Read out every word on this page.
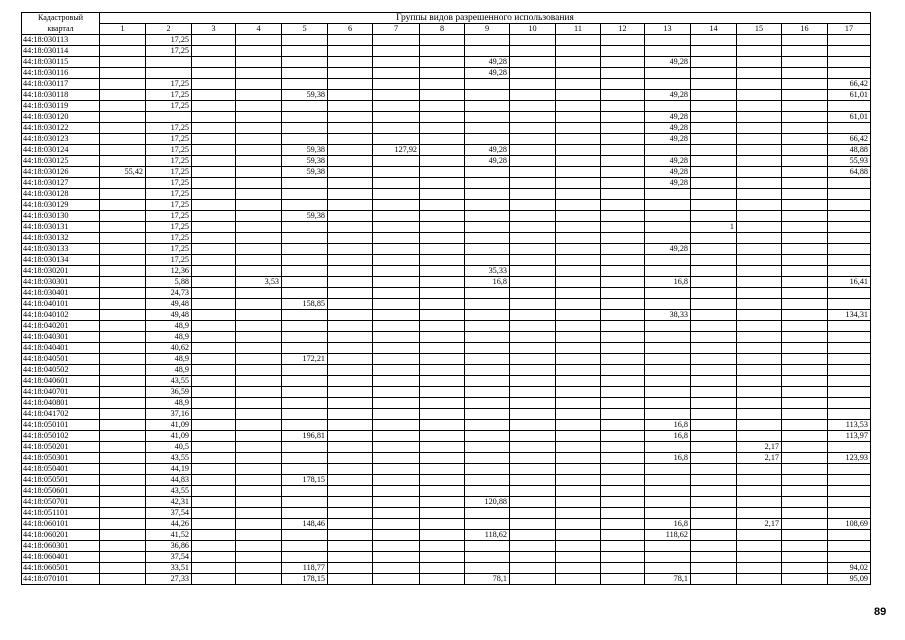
Кадастровый	Группы видов разрешенного использования																
квартал	1	2	3	4	5	6	7	8	9	10	11	12	13	14	15	16	17
44:18:030113		17,25															
44:18:030114		17,25															
44:18:030115									49,28				49,28				
44:18:030116									49,28								
44:18:030117		17,25															66,42
44:18:030118		17,25			59,38								49,28				61,01
44:18:030119		17,25															
44:18:030120													49,28				61,01
44:18:030122		17,25											49,28				
44:18:030123		17,25											49,28				66,42
44:18:030124		17,25			59,38		127,92		49,28								48,88
44:18:030125		17,25			59,38				49,28				49,28				55,93
44:18:030126	55,42	17,25			59,38								49,28				64,88
44:18:030127		17,25											49,28				
44:18:030128		17,25															
44:18:030129		17,25															
44:18:030130		17,25			59,38												
44:18:030131		17,25												1			
44:18:030132		17,25															
44:18:030133		17,25											49,28				
44:18:030134		17,25															
44:18:030201		12,36							35,33								
44:18:030301		5,88		3,53					16,8				16,8				16,41
44:18:030401		24,73															
44:18:040101		49,48			158,85												
44:18:040102		49,48											38,33				134,31
44:18:040201		48,9															
44:18:040301		48,9															
44:18:040401		40,62															
44:18:040501		48,9			172,21												
44:18:040502		48,9															
44:18:040601		43,55															
44:18:040701		36,59															
44:18:040801		48,9															
44:18:041702		37,16															
44:18:050101		41,09											16,8				113,53
44:18:050102		41,09			196,81								16,8				113,97
44:18:050201		40,5													2,17		
44:18:050301		43,55											16,8		2,17		123,93
44:18:050401		44,19															
44:18:050501		44,83			178,15												
44:18:050601		43,55															
44:18:050701		42,31							120,88								
44:18:051101		37,54															
44:18:060101		44,26			148,46								16,8		2,17		108,69
44:18:060201		41,52							118,62				118,62				
44:18:060301		36,86															
44:18:060401		37,54															
44:18:060501		33,51			118,77												94,02
44:18:070101		27,33			178,15				78,1				78,1				95,09
89
